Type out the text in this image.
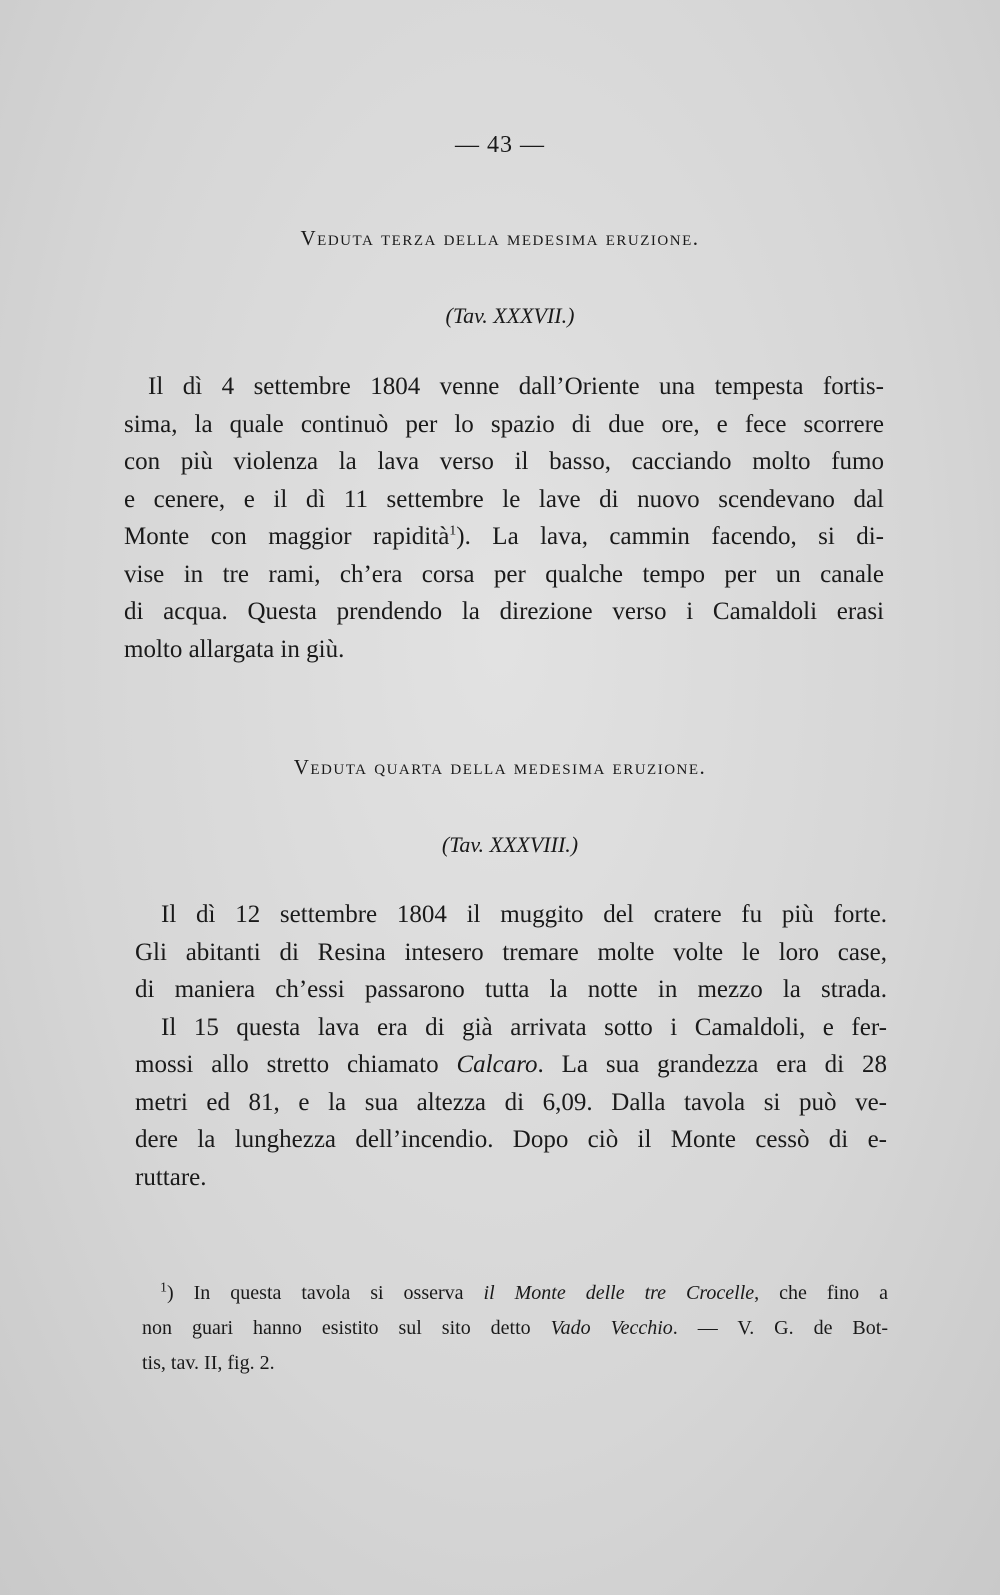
— 43 —
Veduta terza della medesima eruzione.
(Tav. XXXVII.)
Il dì 4 settembre 1804 venne dall’Oriente una tempesta fortis-
sima, la quale continuò per lo spazio di due ore, e fece scorrere
con più violenza la lava verso il basso, cacciando molto fumo
e cenere, e il dì 11 settembre le lave di nuovo scendevano dal
Monte con maggior rapidità$^1$). La lava, cammin facendo, si di-
vise in tre rami, ch’era corsa per qualche tempo per un canale
di acqua. Questa prendendo la direzione verso i Camaldoli erasi
molto allargata in giù.
Veduta quarta della medesima eruzione.
(Tav. XXXVIII.)
Il dì 12 settembre 1804 il muggito del cratere fu più forte.
Gli abitanti di Resina intesero tremare molte volte le loro case,
di maniera ch’essi passarono tutta la notte in mezzo la strada.
Il 15 questa lava era di già arrivata sotto i Camaldoli, e fer-
mossi allo stretto chiamato Calcaro. La sua grandezza era di 28
metri ed 81, e la sua altezza di 6,09. Dalla tavola si può ve-
dere la lunghezza dell’incendio. Dopo ciò il Monte cessò di e-
ruttare.
$^1$) In questa tavola si osserva il Monte delle tre Crocelle, che fino a
non guari hanno esistito sul sito detto Vado Vecchio. — V. G. de Bot-
tis, tav. II, fig. 2.
